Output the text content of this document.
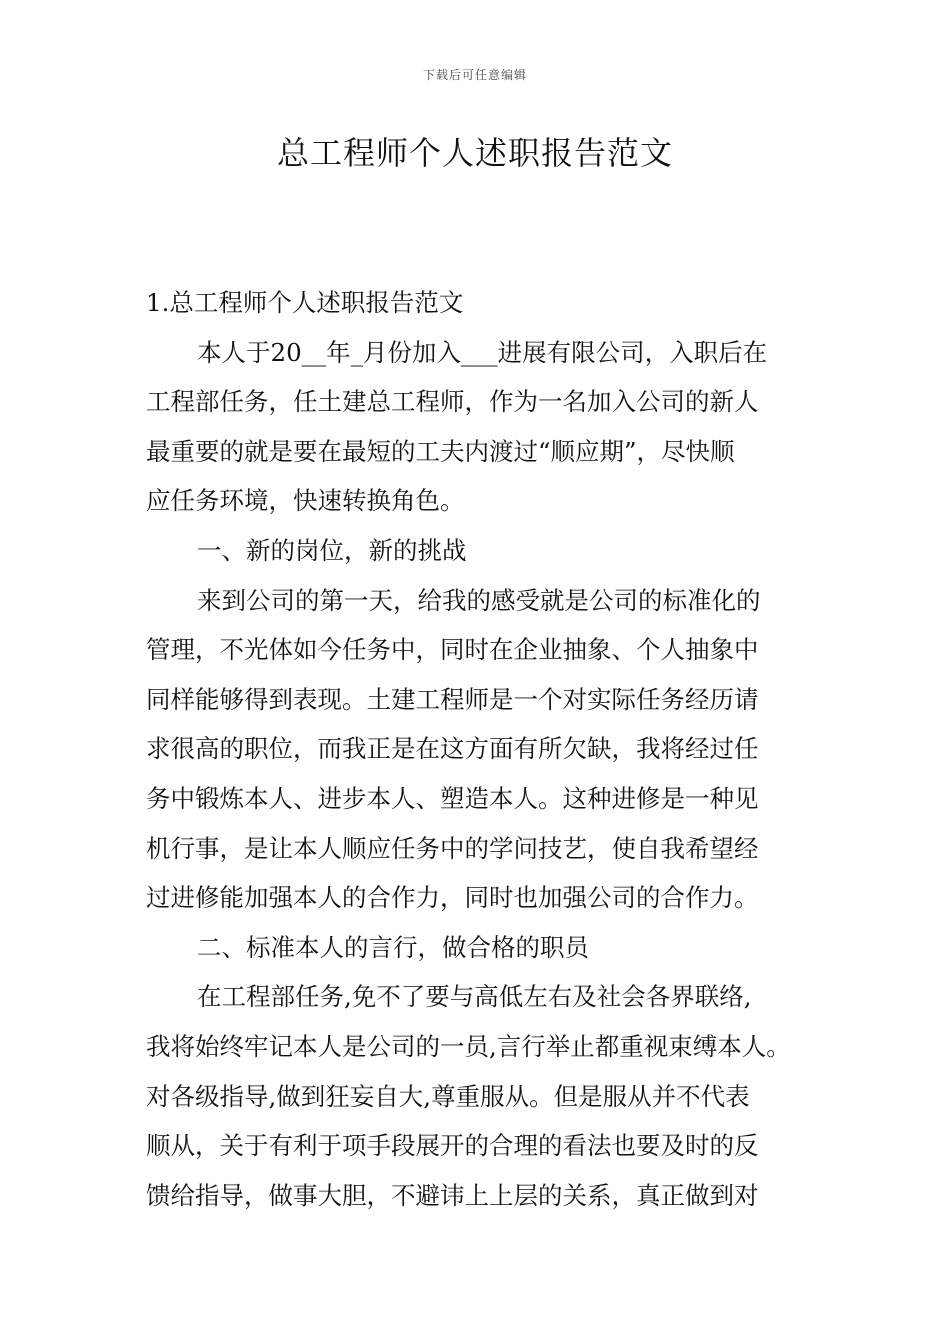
下载后可任意编辑
总工程师个人述职报告范文
1.总工程师个人述职报告范文
本人于20__年_月份加入___进展有限公司，入职后在
工程部任务，任土建总工程师，作为一名加入公司的新人
最重要的就是要在最短的工夫内渡过“顺应期”，尽快顺
应任务环境，快速转换角色。
一、新的岗位，新的挑战
来到公司的第一天，给我的感受就是公司的标准化的
管理，不光体如今任务中，同时在企业抽象、个人抽象中
同样能够得到表现。土建工程师是一个对实际任务经历请
求很高的职位，而我正是在这方面有所欠缺，我将经过任
务中锻炼本人、进步本人、塑造本人。这种进修是一种见
机行事，是让本人顺应任务中的学问技艺，使自我希望经
过进修能加强本人的合作力，同时也加强公司的合作力。
二、标准本人的言行，做合格的职员
在工程部任务,免不了要与高低左右及社会各界联络,
我将始终牢记本人是公司的一员,言行举止都重视束缚本人。
对各级指导,做到狂妄自大,尊重服从。但是服从并不代表
顺从，关于有利于项手段展开的合理的看法也要及时的反
馈给指导，做事大胆，不避讳上上层的关系，真正做到对
